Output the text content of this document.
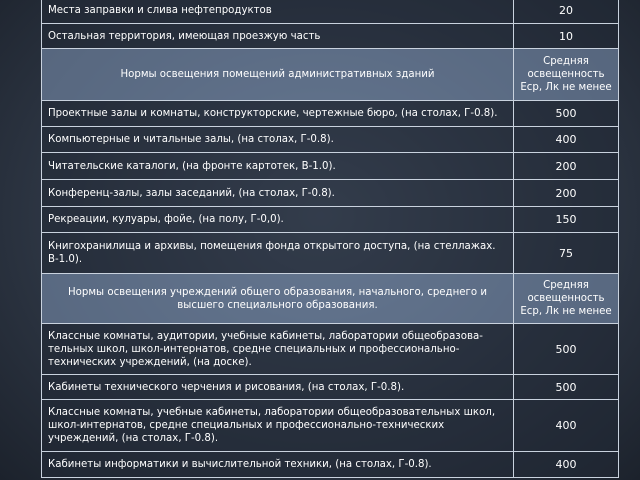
Места заправки и слива нефтепродуктов	20
Остальная территория, имеющая проезжую часть	10
Нормы освещения помещений административных зданий	Средняя освещенность Еср, Лк не менее
Проектные залы и комнаты, конструкторские, чертежные бюро, (на столах, Г-0.8).	500
Компьютерные и читальные залы, (на столах, Г-0.8).	400
Читательские каталоги, (на фронте картотек, В-1.0).	200
Конференц-залы, залы заседаний, (на столах, Г-0.8).	200
Рекреации, кулуары, фойе, (на полу, Г-0,0).	150
Книгохранилища и архивы, помещения фонда открытого доступа, (на стеллажах. В-1.0).	75
Нормы освещения учреждений общего образования, начального, среднего и высшего специального образования.	Средняя освещенность Еср, Лк не менее
Классные комнаты, аудитории, учебные кабинеты, лаборатории общеобразова-тельных школ, школ-интернатов, средне специальных и профессионально-технических учреждений, (на доске).	500
Кабинеты технического черчения и рисования, (на столах, Г-0.8).	500
Классные комнаты, учебные кабинеты, лаборатории общеобразовательных школ, школ-интернатов, средне специальных и профессионально-технических учреждений, (на столах, Г-0.8).	400
Кабинеты информатики и вычислительной техники, (на столах, Г-0.8).	400
